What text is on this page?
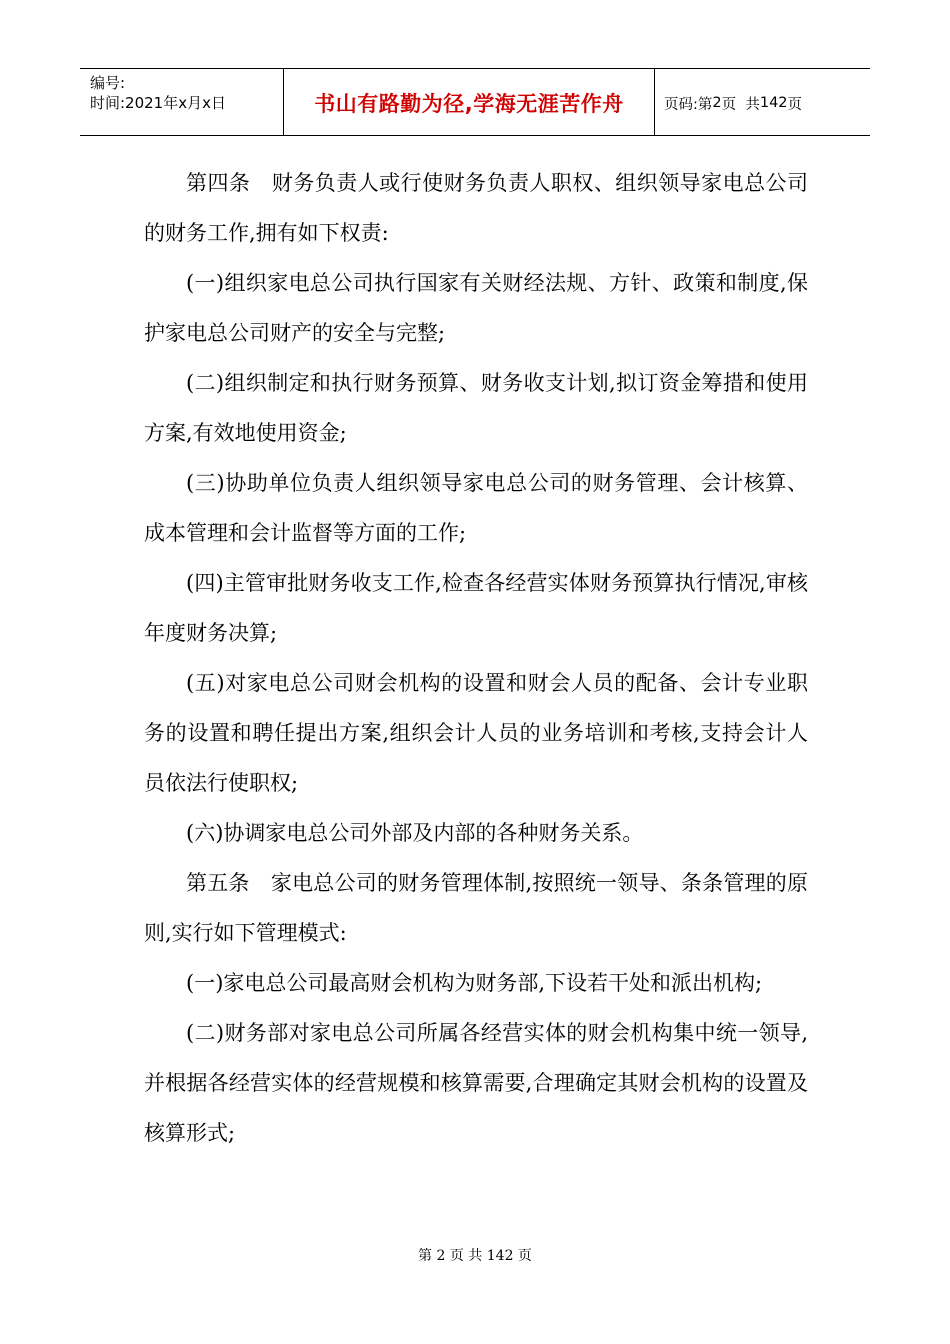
编号:
时间:2021年x月x日	书山有路勤为径,学海无涯苦作舟	页码:第 2 页  共 142 页

第四条　财务负责人或行使财务负责人职权、组织领导家电总公司的财务工作,拥有如下权责:

(一)组织家电总公司执行国家有关财经法规、方针、政策和制度,保护家电总公司财产的安全与完整;

(二)组织制定和执行财务预算、财务收支计划,拟订资金筹措和使用方案,有效地使用资金;

(三)协助单位负责人组织领导家电总公司的财务管理、会计核算、成本管理和会计监督等方面的工作;

(四)主管审批财务收支工作,检查各经营实体财务预算执行情况,审核年度财务决算;

(五)对家电总公司财会机构的设置和财会人员的配备、会计专业职务的设置和聘任提出方案,组织会计人员的业务培训和考核,支持会计人员依法行使职权;

(六)协调家电总公司外部及内部的各种财务关系。

第五条　家电总公司的财务管理体制,按照统一领导、条条管理的原则,实行如下管理模式:

(一)家电总公司最高财会机构为财务部,下设若干处和派出机构;

(二)财务部对家电总公司所属各经营实体的财会机构集中统一领导,并根据各经营实体的经营规模和核算需要,合理确定其财会机构的设置及核算形式;

第 2 页 共 142 页
